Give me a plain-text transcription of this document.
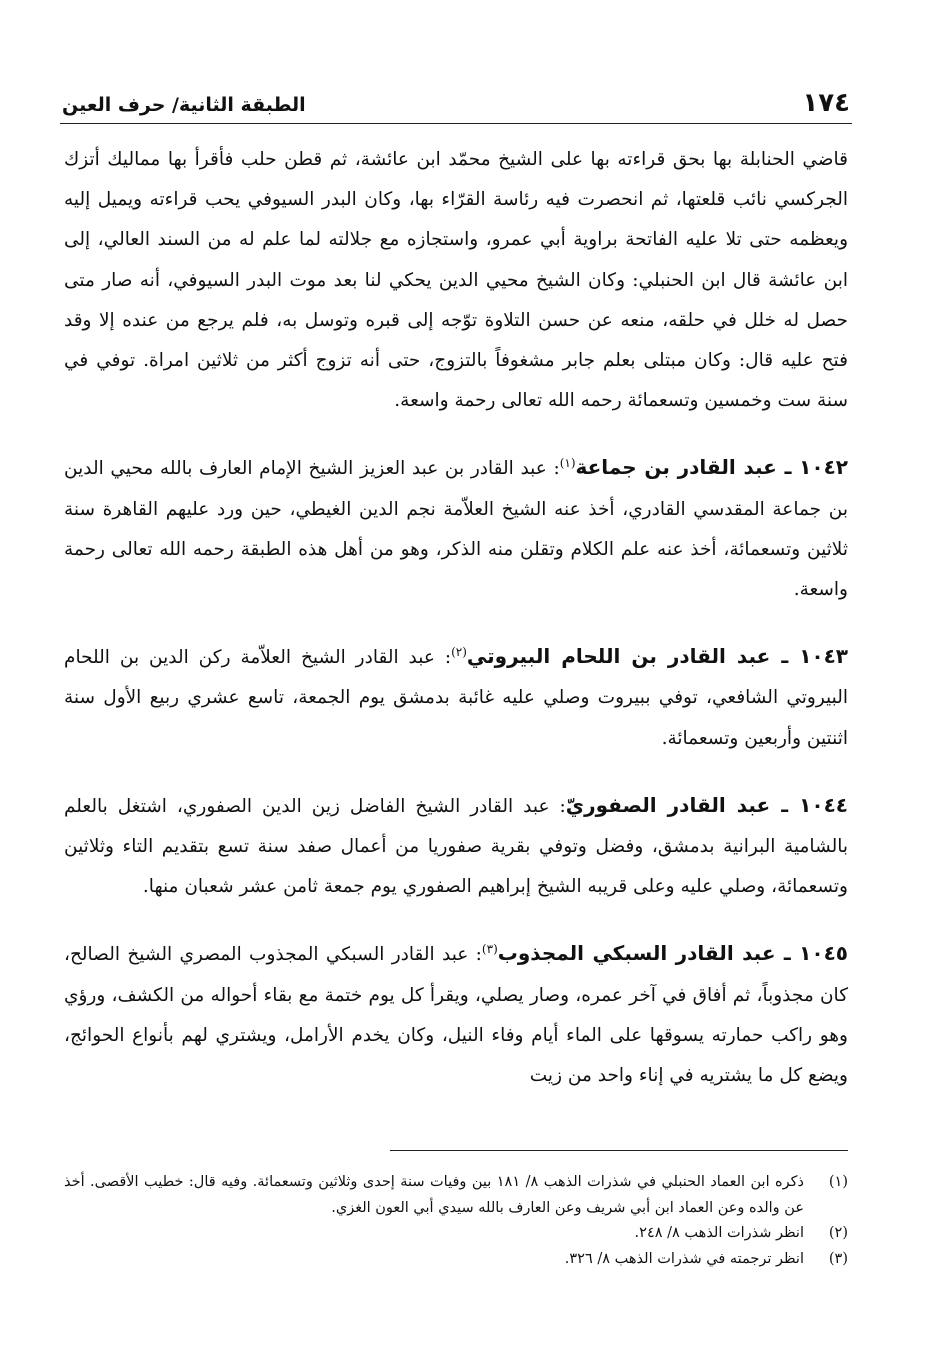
١٧٤
الطبقة الثانية/ حرف العين

قاضي الحنابلة بها بحق قراءته بها على الشيخ محمّد ابن عائشة، ثم قطن حلب فأقرأ بها مماليك أتزك الجركسي نائب قلعتها، ثم انحصرت فيه رئاسة القرّاء بها، وكان البدر السيوفي يحب قراءته ويميل إليه ويعظمه حتى تلا عليه الفاتحة براوية أبي عمرو، واستجازه مع جلالته لما علم له من السند العالي، إلى ابن عائشة قال ابن الحنبلي: وكان الشيخ محيي الدين يحكي لنا بعد موت البدر السيوفي، أنه صار متى حصل له خلل في حلقه، منعه عن حسن التلاوة توّجه إلى قبره وتوسل به، فلم يرجع من عنده إلا وقد فتح عليه قال: وكان مبتلى بعلم جابر مشغوفاً بالتزوج، حتى أنه تزوج أكثر من ثلاثين امراة. توفي في سنة ست وخمسين وتسعمائة رحمه الله تعالى رحمة واسعة.

١٠٤٢ ـ عبد القادر بن جماعة$^{(١)}$: عبد القادر بن عبد العزيز الشيخ الإمام العارف بالله محيي الدين بن جماعة المقدسي القادري، أخذ عنه الشيخ العلاّمة نجم الدين الغيطي، حين ورد عليهم القاهرة سنة ثلاثين وتسعمائة، أخذ عنه علم الكلام وتقلن منه الذكر، وهو من أهل هذه الطبقة رحمه الله تعالى رحمة واسعة.

١٠٤٣ ـ عبد القادر بن اللحام البيروتي$^{(٢)}$: عبد القادر الشيخ العلاّمة ركن الدين بن اللحام البيروتي الشافعي، توفي ببيروت وصلي عليه غائبة بدمشق يوم الجمعة، تاسع عشري ربيع الأول سنة اثنتين وأربعين وتسعمائة.

١٠٤٤ ـ عبد القادر الصفوريّ: عبد القادر الشيخ الفاضل زين الدين الصفوري، اشتغل بالعلم بالشامية البرانية بدمشق، وفضل وتوفي بقرية صفوريا من أعمال صفد سنة تسع بتقديم التاء وثلاثين وتسعمائة، وصلي عليه وعلى قريبه الشيخ إبراهيم الصفوري يوم جمعة ثامن عشر شعبان منها.

١٠٤٥ ـ عبد القادر السبكي المجذوب$^{(٣)}$: عبد القادر السبكي المجذوب المصري الشيخ الصالح، كان مجذوباً، ثم أفاق في آخر عمره، وصار يصلي، ويقرأ كل يوم ختمة مع بقاء أحواله من الكشف، ورؤي وهو راكب حمارته يسوقها على الماء أيام وفاء النيل، وكان يخدم الأرامل، ويشتري لهم بأنواع الحوائج، ويضع كل ما يشتريه في إناء واحد من زيت

(١)
ذكره ابن العماد الحنبلي في شذرات الذهب ٨/ ١٨١ بين وفيات سنة إحدى وثلاثين وتسعمائة. وفيه قال: خطيب الأقصى. أخذ عن والده وعن العماد ابن أبي شريف وعن العارف بالله سيدي أبي العون الغزي.
(٢)
انظر شذرات الذهب ٨/ ٢٤٨.
(٣)
انظر ترجمته في شذرات الذهب ٨/ ٣٢٦.
